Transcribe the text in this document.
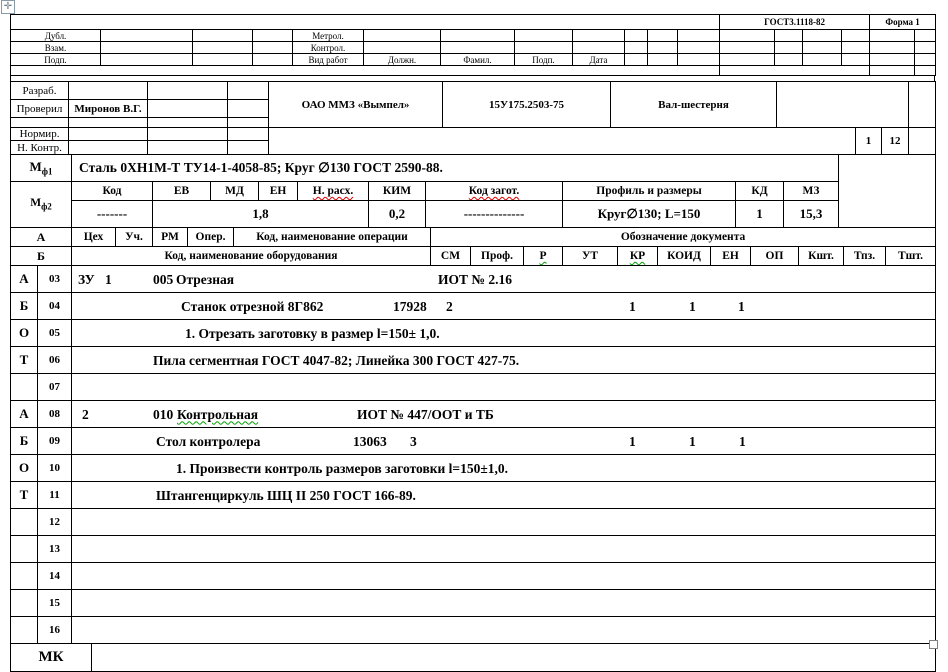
✛
												ГОСТ3.1118-82				Форма 1	
Дубл.				Метрол.													
Взам.				Контрол.													
Подп.				Вид работ	Должн.	Фамил.	Подп.	Дата									

Разраб.				ОАО ММЗ «Вымпел»	15У175.2503-75	Вал-шестерня				
Проверил	Миронов В.Г.									

Нормир.								1	12	
Н. Контр.										
$М_{ф1}$	Сталь 0ХН1М-Т ТУ14-1-4058-85; Круг ∅130 ГОСТ 2590-88.										
$М_{ф2}$	Код	ЕВ	МД	ЕН	Н. расх.	КИМ	Код загот.	Профиль и размеры	КД	МЗ	
	-------	1,8				0,2	--------------	Круг∅130; L=150	1	15,3	
А	Цех	Уч.	РМ	Опер.	Код, наименование операции	Обозначение документа										
Б	Код, наименование оборудования					СМ	Проф.	Р	УТ	КР	КОИД	ЕН	ОП	Кшт.	Тпз.	Тшт.
А	03	ЗУ 1 005 Отрезная ИОТ № 2.16

Б	04	Станок отрезной 8Г862	17928 2	1	1	1

О	05	1. Отрезать заготовку в размер l=150± 1,0.

Т	06	Пила сегментная ГОСТ 4047-82; Линейка 300 ГОСТ 427-75.

	07	

А	08	2 010 Контрольная ИОТ № 447/ООТ и ТБ

Б	09	Стол контролера	13063 3	1	1	1

О	10	1. Произвести контроль размеров заготовки l=150±1,0.

Т	11	Штангенциркуль ШЦ II 250 ГОСТ 166-89.

	12	

	13	

	14	

	15	

	16	
МК	
